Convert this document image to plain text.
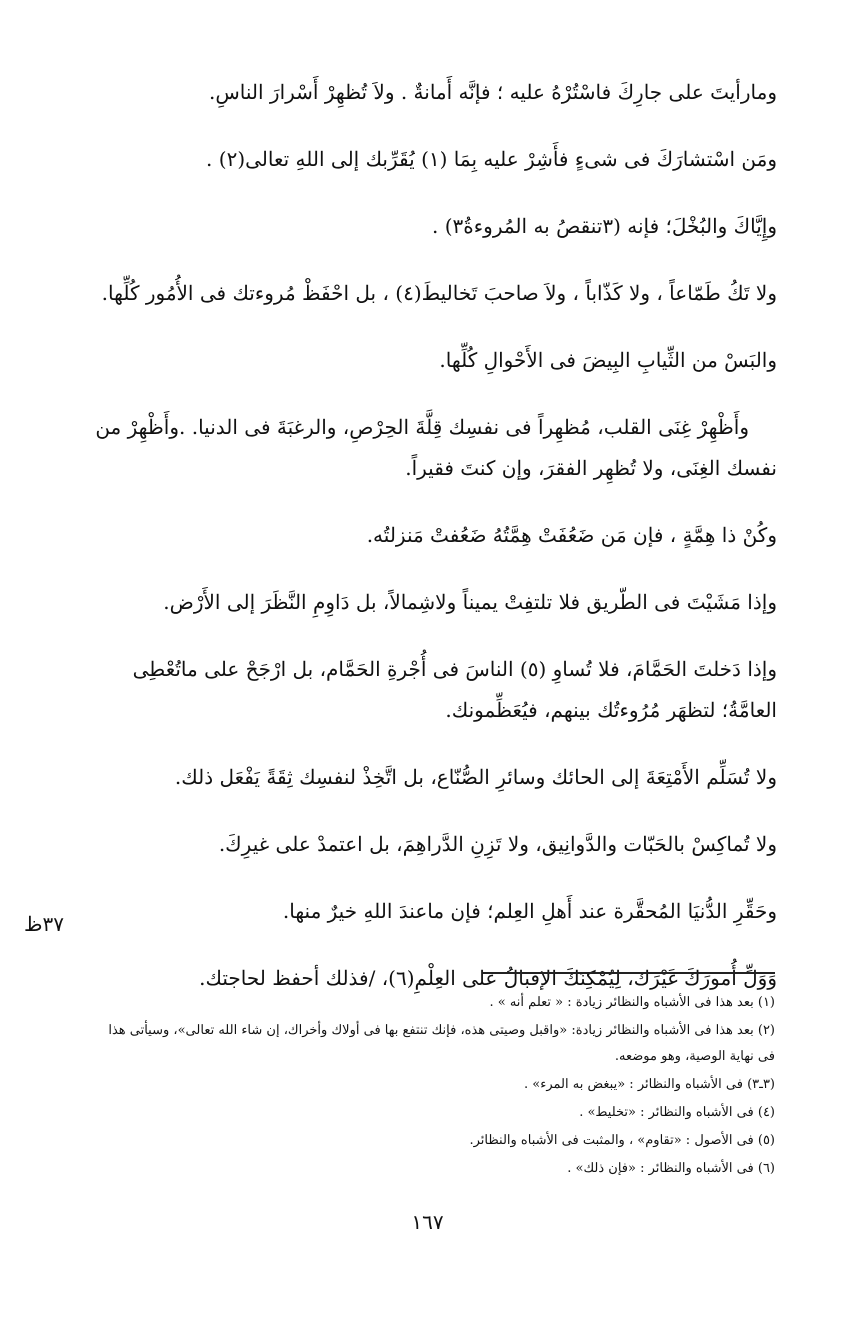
ومارأيتَ على جارِكَ فاسْتُرْهُ عليه ؛ فإنَّه أَمانةٌ . ولاَ تُظهِرْ أَسْرارَ الناسِ.

ومَن اسْتشارَكَ فى شىءٍ فأَشِرْ عليه بِمَا (١) يُقَرِّبك إلى اللهِ تعالى(٢) .

وإِيَّاكَ والبُخْلَ؛ فإنه (٣تنقصُ به المُروءةُ٣) .

ولا تَكُ طَمّاعاً ، ولا كَذّاباً ، ولاَ صاحبَ تَخاليطَ(٤) ، بل احْفَظْ مُروءتك فى الأُمُور كُلِّها.

والبَسْ من الثِّيابِ البِيضَ فى الأَحْوالِ كُلِّها.

وأَظْهِرْ غِنَى القلب، مُظهِراً فى نفسِك قِلَّةَ الحِرْصِ، والرغبَةَ فى الدنيا. .وأَظْهِرْ من نفسك الغِنَى، ولا تُظهِر الفقرَ، وإن كنتَ فقيراً.

وكُنْ ذا هِمَّةٍ ، فإن مَن ضَعُفَتْ هِمَّتُهُ ضَعُفتْ مَنزلتُه.

وإذا مَشَيْتَ فى الطّريق فلا تلتفِتْ يميناً ولاشِمالاً، بل دَاوِمِ النَّظَرَ إلى الأَرْض.

وإذا دَخلتَ الحَمَّامَ، فلا تُساوِ (٥) الناسَ فى أُجْرةِ الحَمَّام، بل ارْجَحْ على ماتُعْطِى العامَّةُ؛ لتظهَر مُرُوءتُك بينهم، فيُعَظِّمونك.

ولا تُسَلِّم الأَمْتِعَةَ إلى الحائك وسائرِ الصُّنّاع، بل اتَّخِذْ لنفسِك ثِقَةً يَفْعَل ذلك.

ولا تُماكِسْ بالحَبّات والدَّوانِيق، ولا تَزِنِ الدَّراهِمَ، بل اعتمدْ على غيرِكَ.

وحَقِّرِ الدُّنيَا المُحقَّرة عند أَهلِ العِلم؛ فإن ماعندَ اللهِ خيرٌ منها.

وَوَلِّ أُمورَكَ غَيْرَك، لِيُمْكِنَكَ الإقبالُ على العِلْمِ(٦)، /فذلك أحفظ لحاجتك.

٣٧ظ

(١) بعد هذا فى الأشباه والنظائر زيادة : « تعلم أنه » .

(٢) بعد هذا فى الأشباه والنظائر زيادة: «واقبل وصيتى هذه، فإنك تنتفع بها فى أولاك وأخراك، إن شاء الله تعالى»، وسيأتى هذا فى نهاية الوصية، وهو موضعه.

(٣ـ٣) فى الأشباه والنظائر : «يبغض به المرء» .

(٤) فى الأشباه والنظائر : «تخليط» .

(٥) فى الأصول : «تقاوم» ، والمثبت فى الأشباه والنظائر.

(٦) فى الأشباه والنظائر : «فإن ذلك» .

١٦٧
